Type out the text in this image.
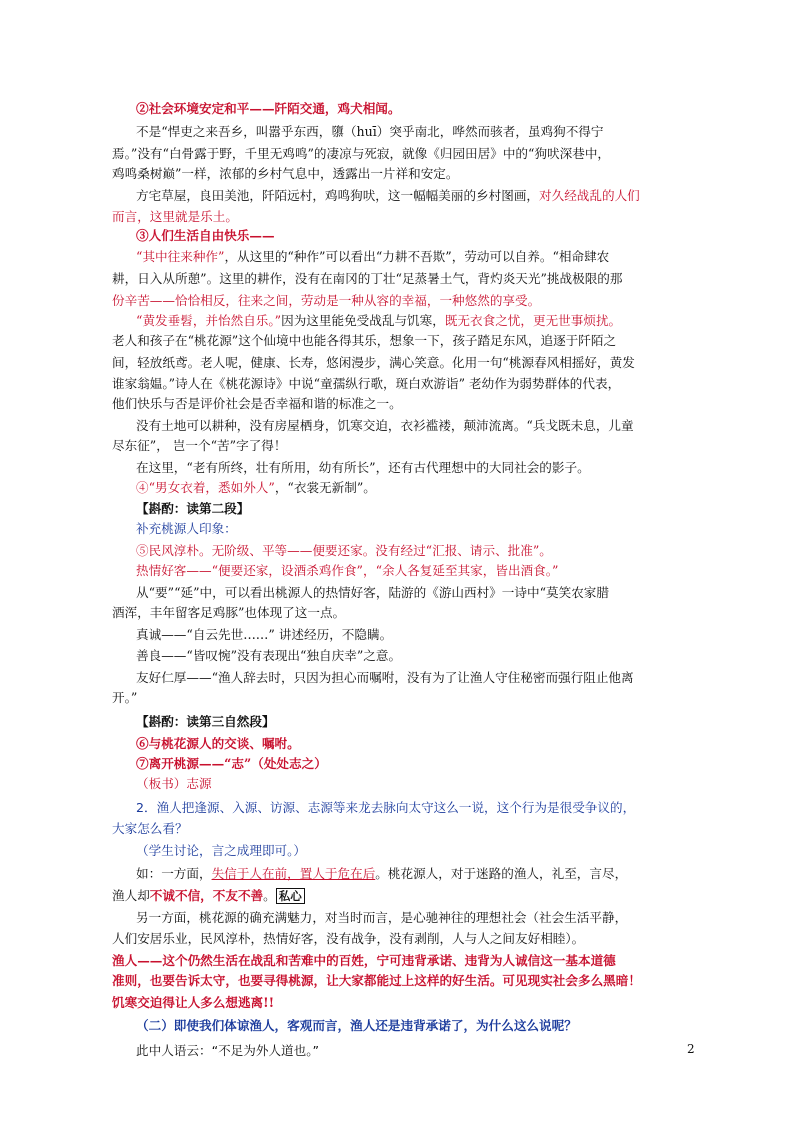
②社会环境安定和平——阡陌交通，鸡犬相闻。
不是“悍吏之来吾乡，叫嚣乎东西，隳（huī）突乎南北，哗然而骇者，虽鸡狗不得宁
焉。”没有“白骨露于野，千里无鸡鸣”的凄凉与死寂，就像《归园田居》中的“狗吠深巷中，
鸡鸣桑树巅”一样，浓郁的乡村气息中，透露出一片祥和安定。
方宅草屋，良田美池，阡陌远村，鸡鸣狗吠，这一幅幅美丽的乡村图画，对久经战乱的人们
而言，这里就是乐土。
③人们生活自由快乐——
“其中往来种作”，从这里的“种作”可以看出“力耕不吾欺”，劳动可以自养。“相命肆农
耕，日入从所憩”。这里的耕作，没有在南冈的丁壮“足蒸暑土气，背灼炎天光”挑战极限的那
份辛苦——恰恰相反，往来之间，劳动是一种从容的幸福，一种悠然的享受。
“黄发垂髫，并怡然自乐。”因为这里能免受战乱与饥寒，既无衣食之忧，更无世事烦扰。
老人和孩子在“桃花源”这个仙境中也能各得其乐，想象一下，孩子踏足东风，追逐于阡陌之
间，轻放纸鸢。老人呢，健康、长寿，悠闲漫步，满心笑意。化用一句“桃源春风相摇好，黄发
谁家翁媪。”诗人在《桃花源诗》中说“童孺纵行歌，斑白欢游诣” 老幼作为弱势群体的代表，
他们快乐与否是评价社会是否幸福和谐的标准之一。
没有土地可以耕种，没有房屋栖身，饥寒交迫，衣衫褴褛，颠沛流离。“兵戈既未息，儿童
尽东征”， 岂一个“苦”字了得！
在这里，“老有所终，壮有所用，幼有所长”，还有古代理想中的大同社会的影子。
④“男女衣着，悉如外人”，“衣裳无新制”。
【斟酌：读第二段】
补充桃源人印象：
⑤民风淳朴。无阶级、平等——便要还家。没有经过“汇报、请示、批准”。
热情好客——“便要还家，设酒杀鸡作食”，“余人各复延至其家，皆出酒食。”
从“要”“延”中，可以看出桃源人的热情好客，陆游的《游山西村》一诗中“莫笑农家腊
酒浑，丰年留客足鸡豚”也体现了这一点。
真诚——“自云先世……” 讲述经历，不隐瞒。
善良——“皆叹惋”没有表现出“独自庆幸”之意。
友好仁厚——“渔人辞去时，只因为担心而嘱咐，没有为了让渔人守住秘密而强行阻止他离
开。”
【斟酌：读第三自然段】
⑥与桃花源人的交谈、嘱咐。
⑦离开桃源——“志”（处处志之）
（板书）志源
2．渔人把逢源、入源、访源、志源等来龙去脉向太守这么一说，这个行为是很受争议的，
大家怎么看？
（学生讨论，言之成理即可。）
如：一方面，失信于人在前，置人于危在后。桃花源人，对于迷路的渔人，礼至，言尽，
渔人却不诚不信，不友不善。 私心
另一方面，桃花源的确充满魅力，对当时而言，是心驰神往的理想社会（社会生活平静，
人们安居乐业，民风淳朴，热情好客，没有战争，没有剥削，人与人之间友好相睦）。
渔人——这个仍然生活在战乱和苦难中的百姓，宁可违背承诺、违背为人诚信这一基本道德
准则，也要告诉太守，也要寻得桃源，让大家都能过上这样的好生活。可见现实社会多么黑暗！
饥寒交迫得让人多么想逃离!!
（二）即使我们体谅渔人，客观而言，渔人还是违背承诺了，为什么这么说呢？
此中人语云：“不足为外人道也。”	2
